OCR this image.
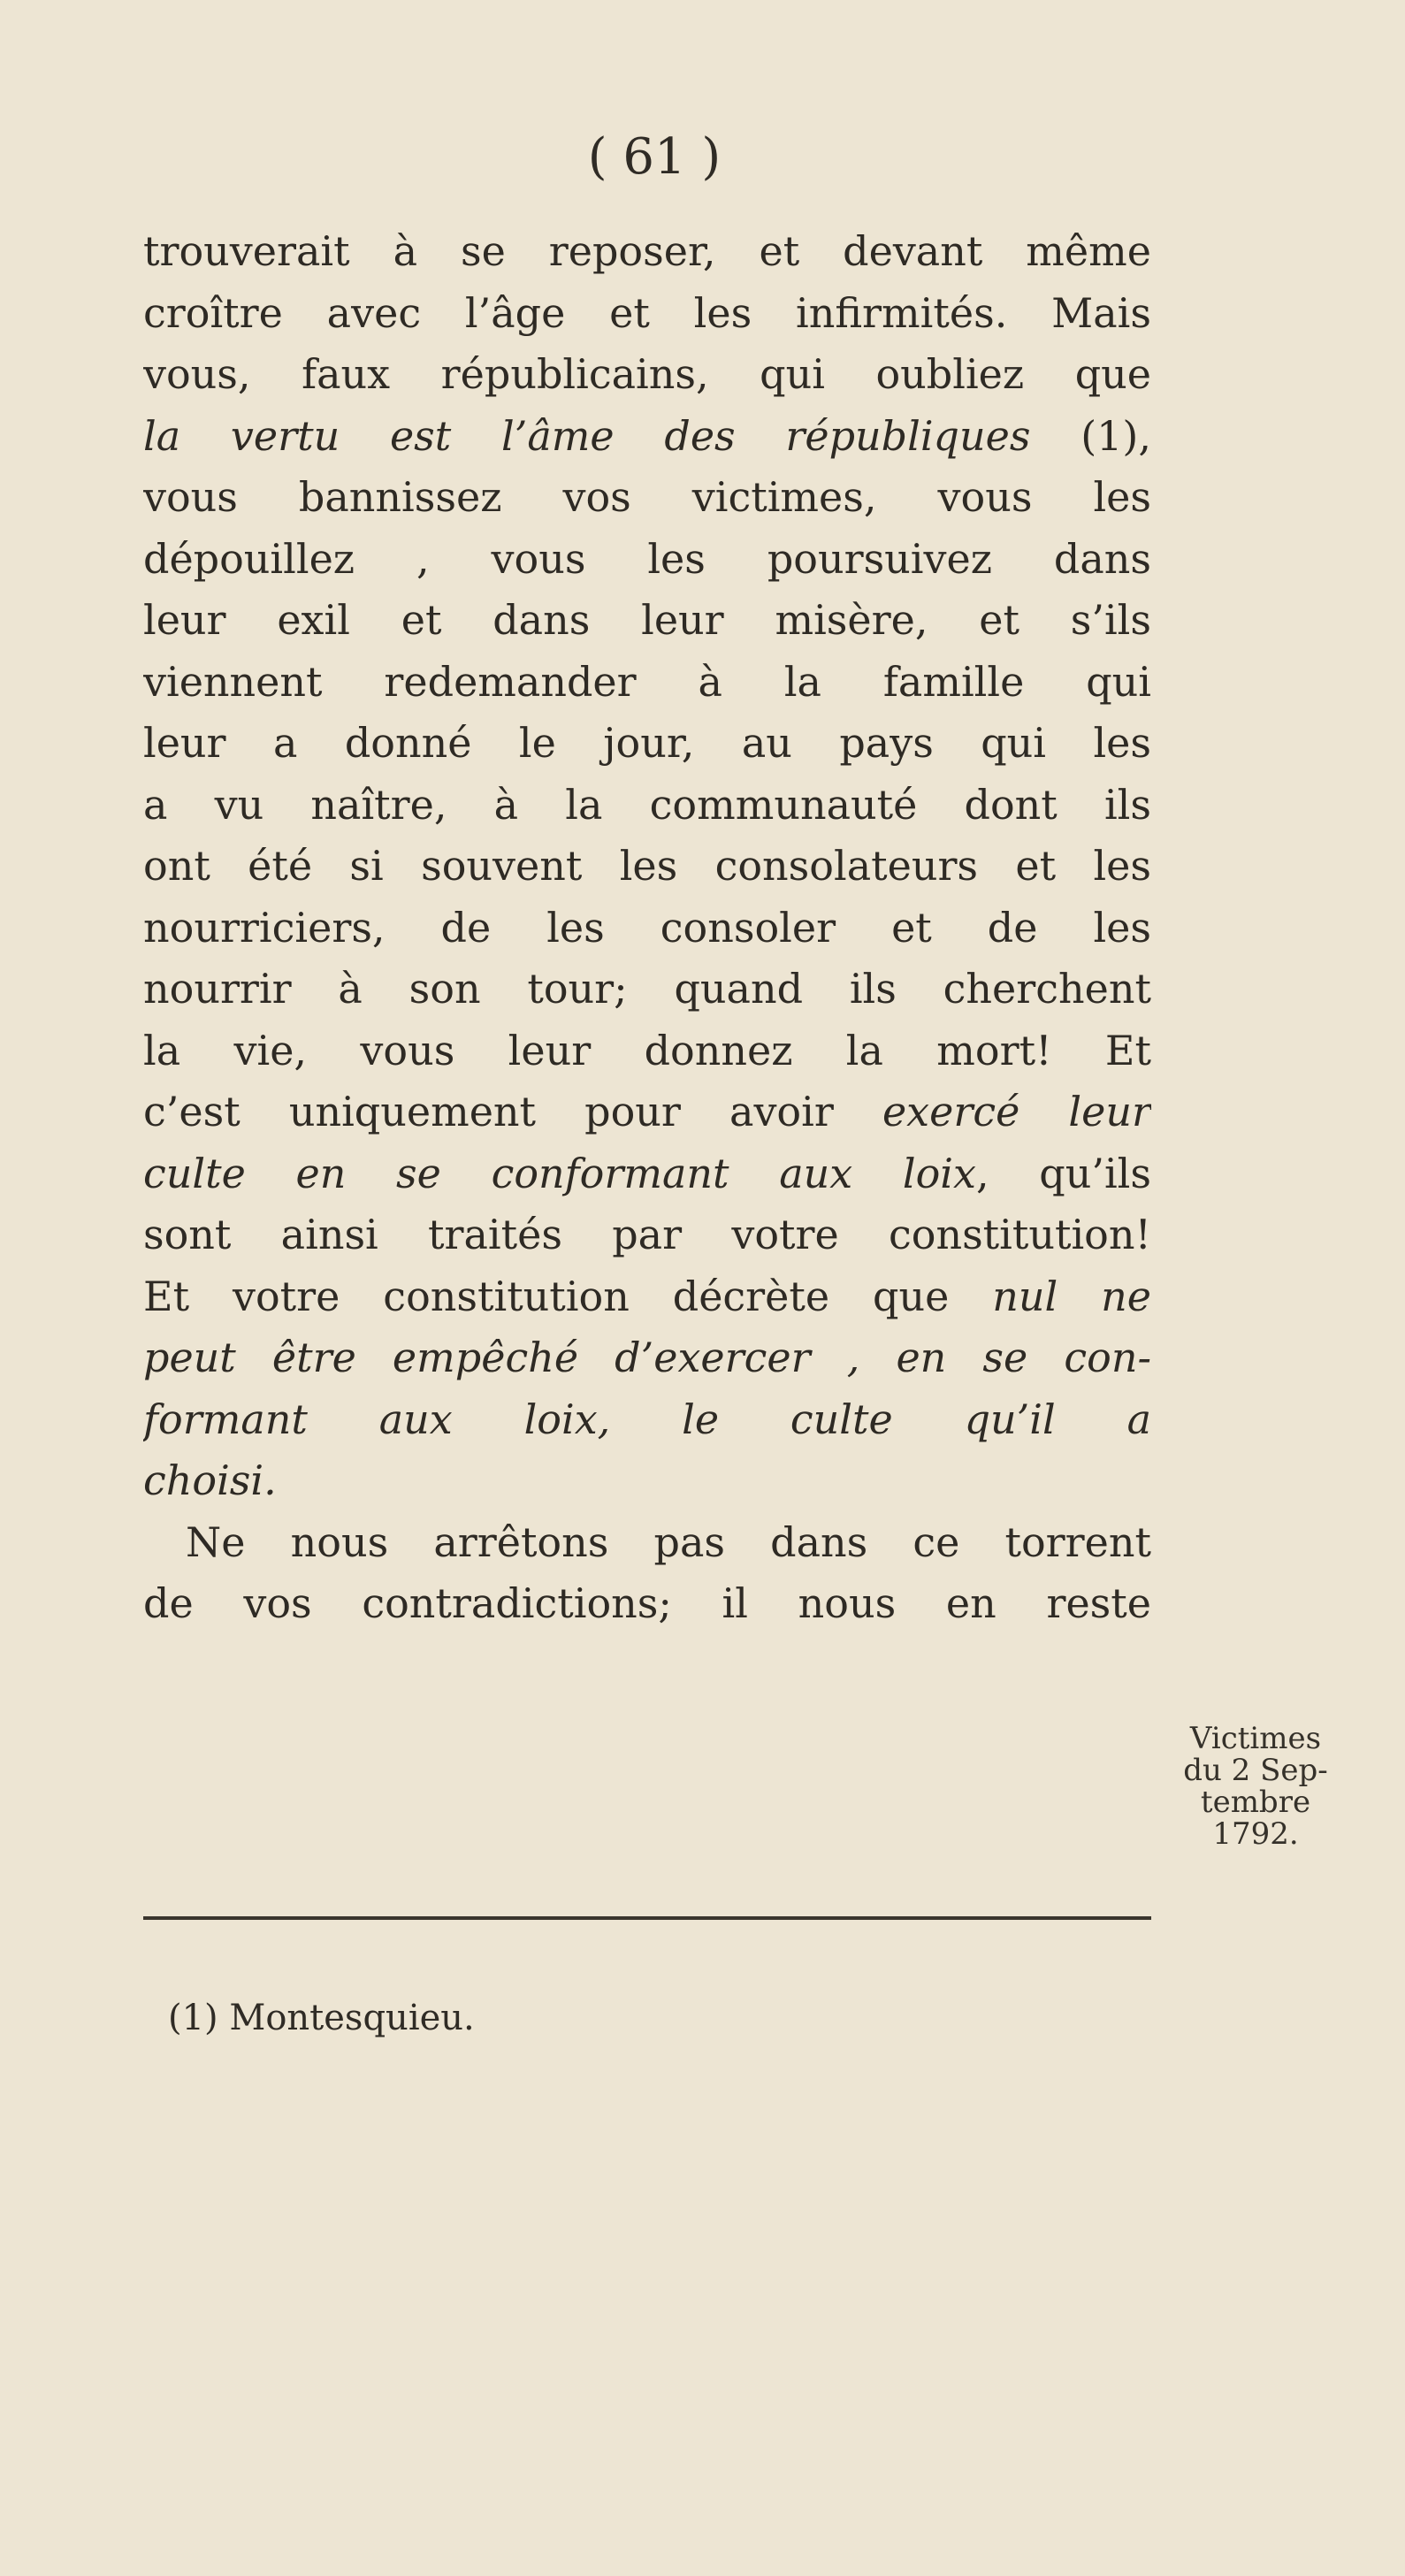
( 61 )
trouverait à se reposer, et devant même
croître avec l’âge et les infirmités. Mais
vous, faux républicains, qui oubliez que
la vertu est l’âme des républiques (1),
vous bannissez vos victimes, vous les
dépouillez , vous les poursuivez dans
leur exil et dans leur misère, et s’ils
viennent redemander à la famille qui
leur a donné le jour, au pays qui les
a vu naître, à la communauté dont ils
ont été si souvent les consolateurs et les
nourriciers, de les consoler et de les
nourrir à son tour; quand ils cherchent
la vie, vous leur donnez la mort! Et
c’est uniquement pour avoir exercé leur
culte en se conformant aux loix, qu’ils
sont ainsi traités par votre constitution!
Et votre constitution décrète que nul ne
peut être empêché d’exercer , en se con-
formant aux loix, le culte qu’il a
choisi.
Ne nous arrêtons pas dans ce torrent
de vos contradictions; il nous en reste
Victimes
du 2 Sep-
tembre
1792.
(1) Montesquieu.
